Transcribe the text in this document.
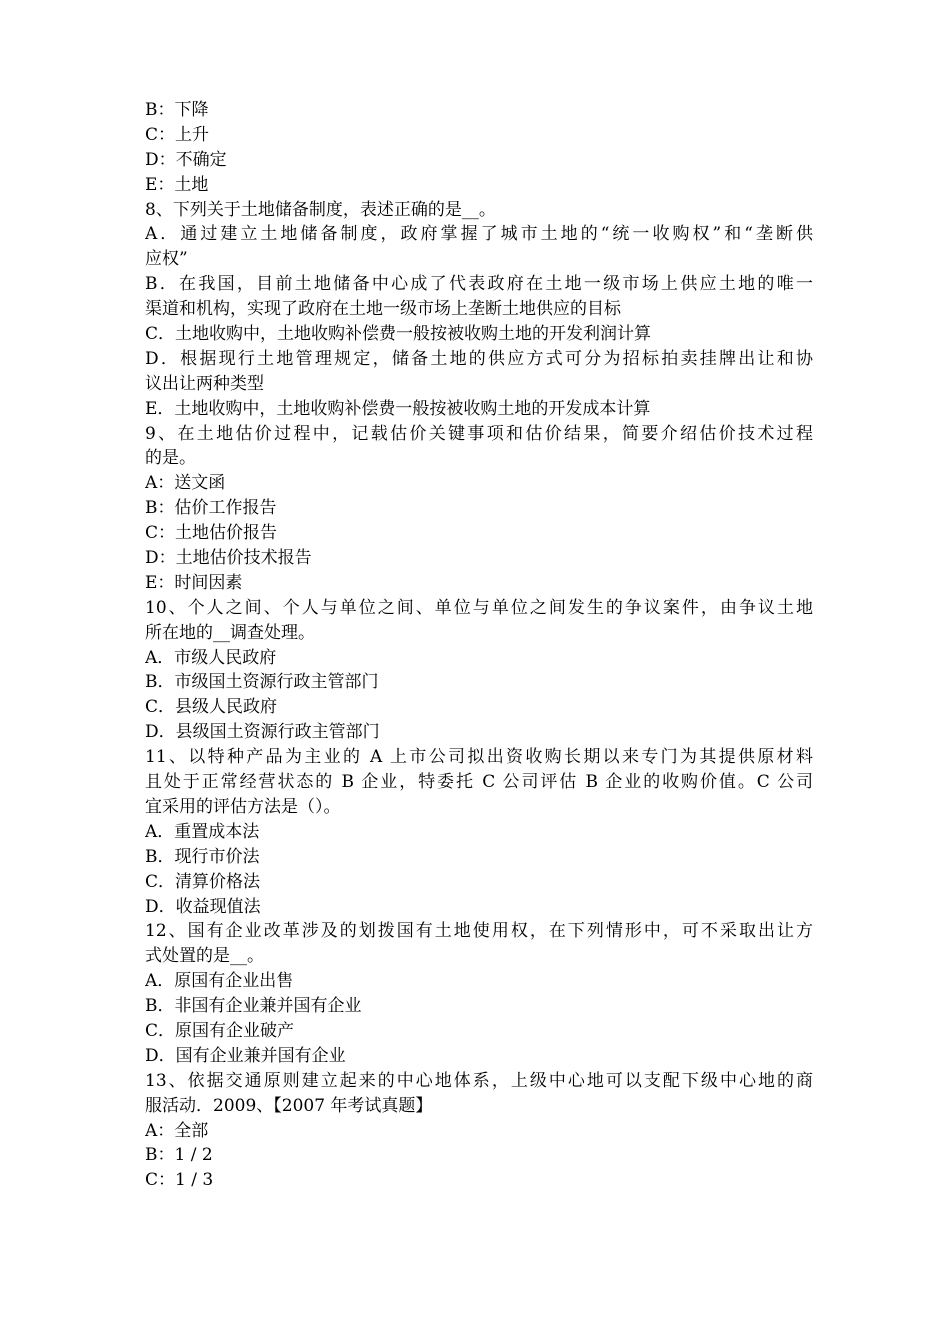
B：下降
C：上升
D：不确定
E：土地
8、下列关于土地储备制度，表述正确的是__。
A．通过建立土地储备制度，政府掌握了城市土地的“统一收购权”和“垄断供
应权”
B．在我国，目前土地储备中心成了代表政府在土地一级市场上供应土地的唯一
渠道和机构，实现了政府在土地一级市场上垄断土地供应的目标
C．土地收购中，土地收购补偿费一般按被收购土地的开发利润计算
D．根据现行土地管理规定，储备土地的供应方式可分为招标拍卖挂牌出让和协
议出让两种类型
E．土地收购中，土地收购补偿费一般按被收购土地的开发成本计算
9、在土地估价过程中，记载估价关键事项和估价结果，简要介绍估价技术过程
的是。
A：送文函
B：估价工作报告
C：土地估价报告
D：土地估价技术报告
E：时间因素
10、个人之间、个人与单位之间、单位与单位之间发生的争议案件，由争议土地
所在地的__调查处理。
A．市级人民政府
B．市级国土资源行政主管部门
C．县级人民政府
D．县级国土资源行政主管部门
11、以特种产品为主业的 A 上市公司拟出资收购长期以来专门为其提供原材料
且处于正常经营状态的 B 企业，特委托 C 公司评估 B 企业的收购价值。C 公司
宜采用的评估方法是（）。
A．重置成本法
B．现行市价法
C．清算价格法
D．收益现值法
12、国有企业改革涉及的划拨国有土地使用权，在下列情形中，可不采取出让方
式处置的是__。
A．原国有企业出售
B．非国有企业兼并国有企业
C．原国有企业破产
D．国有企业兼并国有企业
13、依据交通原则建立起来的中心地体系，上级中心地可以支配下级中心地的商
服活动．2009、【2007 年考试真题】
A：全部
B：1 / 2
C：1 / 3
